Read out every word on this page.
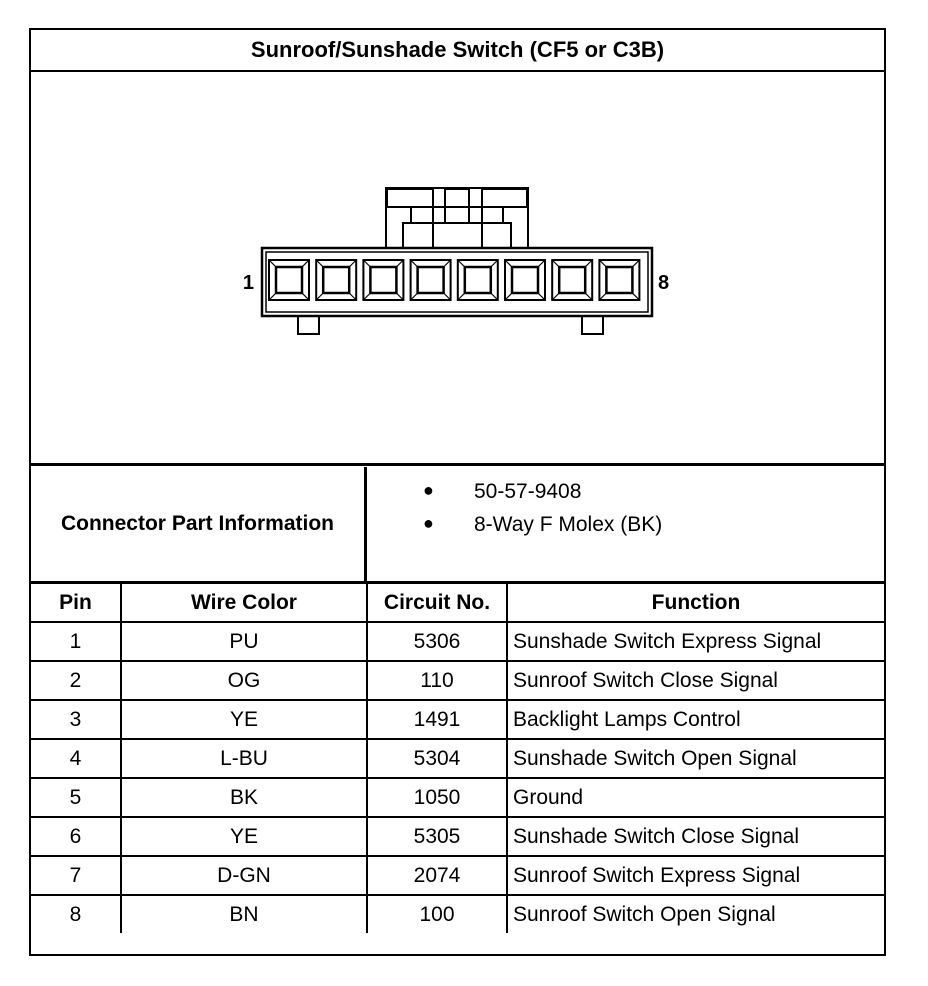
Sunroof/Sunshade Switch (CF5 or C3B)
1	8
Connector Part Information
● 50-57-9408
● 8-Way F Molex (BK)
Pin	Wire Color	Circuit No.	Function
1	PU	5306	Sunshade Switch Express Signal
2	OG	110	Sunroof Switch Close Signal
3	YE	1491	Backlight Lamps Control
4	L-BU	5304	Sunshade Switch Open Signal
5	BK	1050	Ground
6	YE	5305	Sunshade Switch Close Signal
7	D-GN	2074	Sunroof Switch Express Signal
8	BN	100	Sunroof Switch Open Signal
